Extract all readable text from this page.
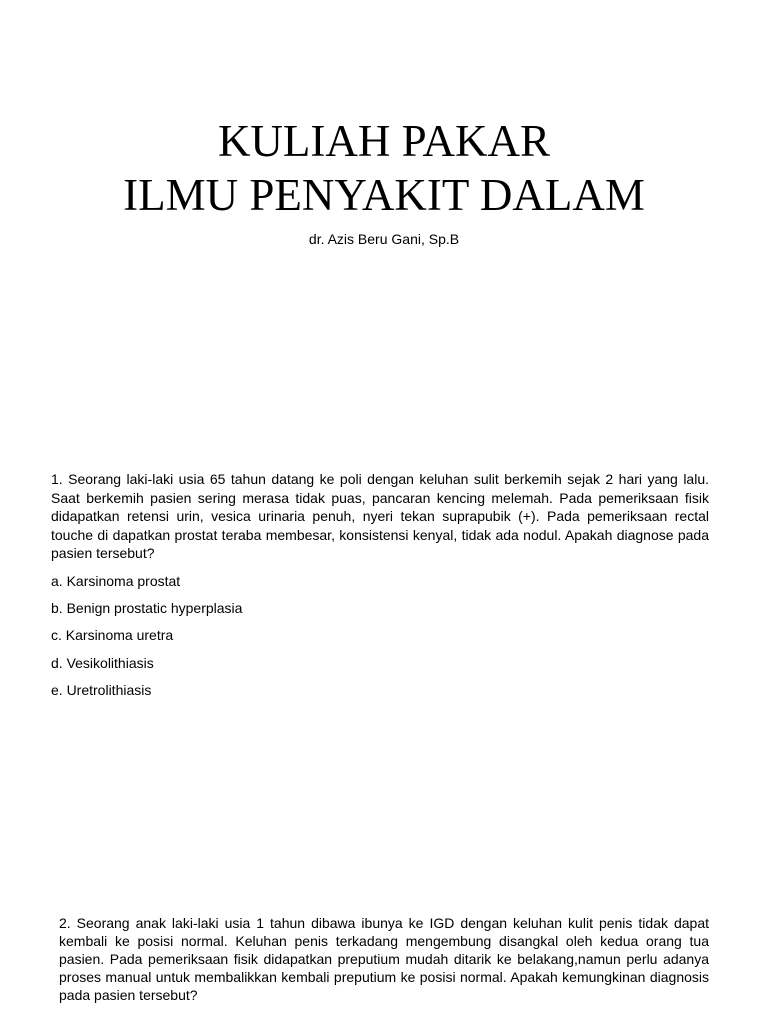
KULIAH PAKAR
ILMU PENYAKIT DALAM
dr. Azis Beru Gani, Sp.B

1. Seorang laki-laki usia 65 tahun datang ke poli dengan keluhan sulit berkemih sejak 2 hari yang lalu. Saat berkemih pasien sering merasa tidak puas, pancaran kencing melemah. Pada pemeriksaan fisik didapatkan retensi urin, vesica urinaria penuh, nyeri tekan suprapubik (+). Pada pemeriksaan rectal touche di dapatkan prostat teraba membesar, konsistensi kenyal, tidak ada nodul. Apakah diagnose pada pasien tersebut?

a. Karsinoma prostat
b. Benign prostatic hyperplasia
c. Karsinoma uretra
d. Vesikolithiasis
e. Uretrolithiasis

2. Seorang anak laki-laki usia 1 tahun dibawa ibunya ke IGD dengan keluhan kulit penis tidak dapat kembali ke posisi normal. Keluhan penis terkadang mengembung disangkal oleh kedua orang tua pasien. Pada pemeriksaan fisik didapatkan preputium mudah ditarik ke belakang,namun perlu adanya proses manual untuk membalikkan kembali preputium ke posisi normal. Apakah kemungkinan diagnosis pada pasien tersebut?
